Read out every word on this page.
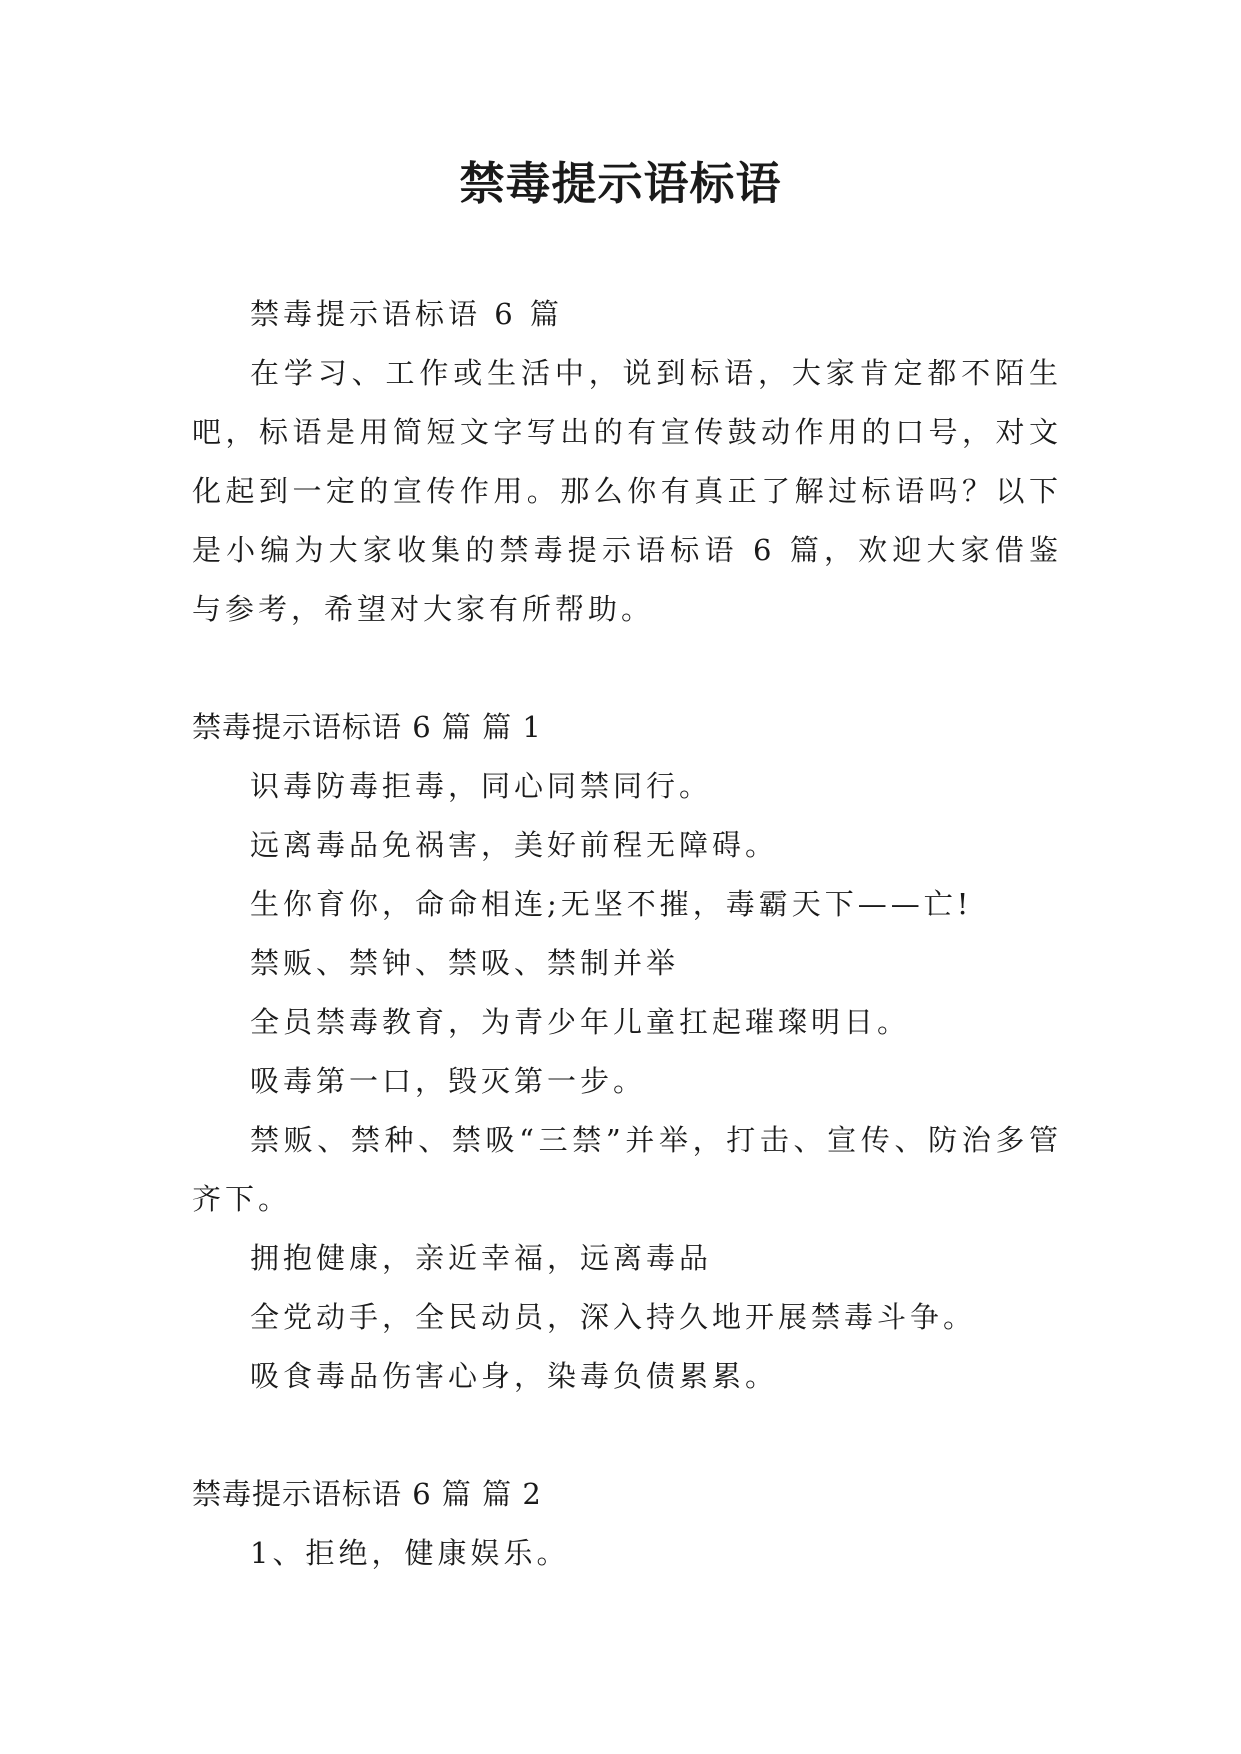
禁毒提示语标语

禁毒提示语标语 6 篇

在学习、工作或生活中，说到标语，大家肯定都不陌生吧，标语是用简短文字写出的有宣传鼓动作用的口号，对文化起到一定的宣传作用。那么你有真正了解过标语吗？以下是小编为大家收集的禁毒提示语标语 6 篇，欢迎大家借鉴与参考，希望对大家有所帮助。

禁毒提示语标语 6 篇 篇 1

识毒防毒拒毒，同心同禁同行。

远离毒品免祸害，美好前程无障碍。

生你育你，命命相连;无坚不摧，毒霸天下——亡!

禁贩、禁钟、禁吸、禁制并举

全员禁毒教育，为青少年儿童扛起璀璨明日。

吸毒第一口，毁灭第一步。

禁贩、禁种、禁吸“三禁”并举，打击、宣传、防治多管齐下。

拥抱健康，亲近幸福，远离毒品

全党动手，全民动员，深入持久地开展禁毒斗争。

吸食毒品伤害心身，染毒负债累累。

禁毒提示语标语 6 篇 篇 2

1、拒绝，健康娱乐。
